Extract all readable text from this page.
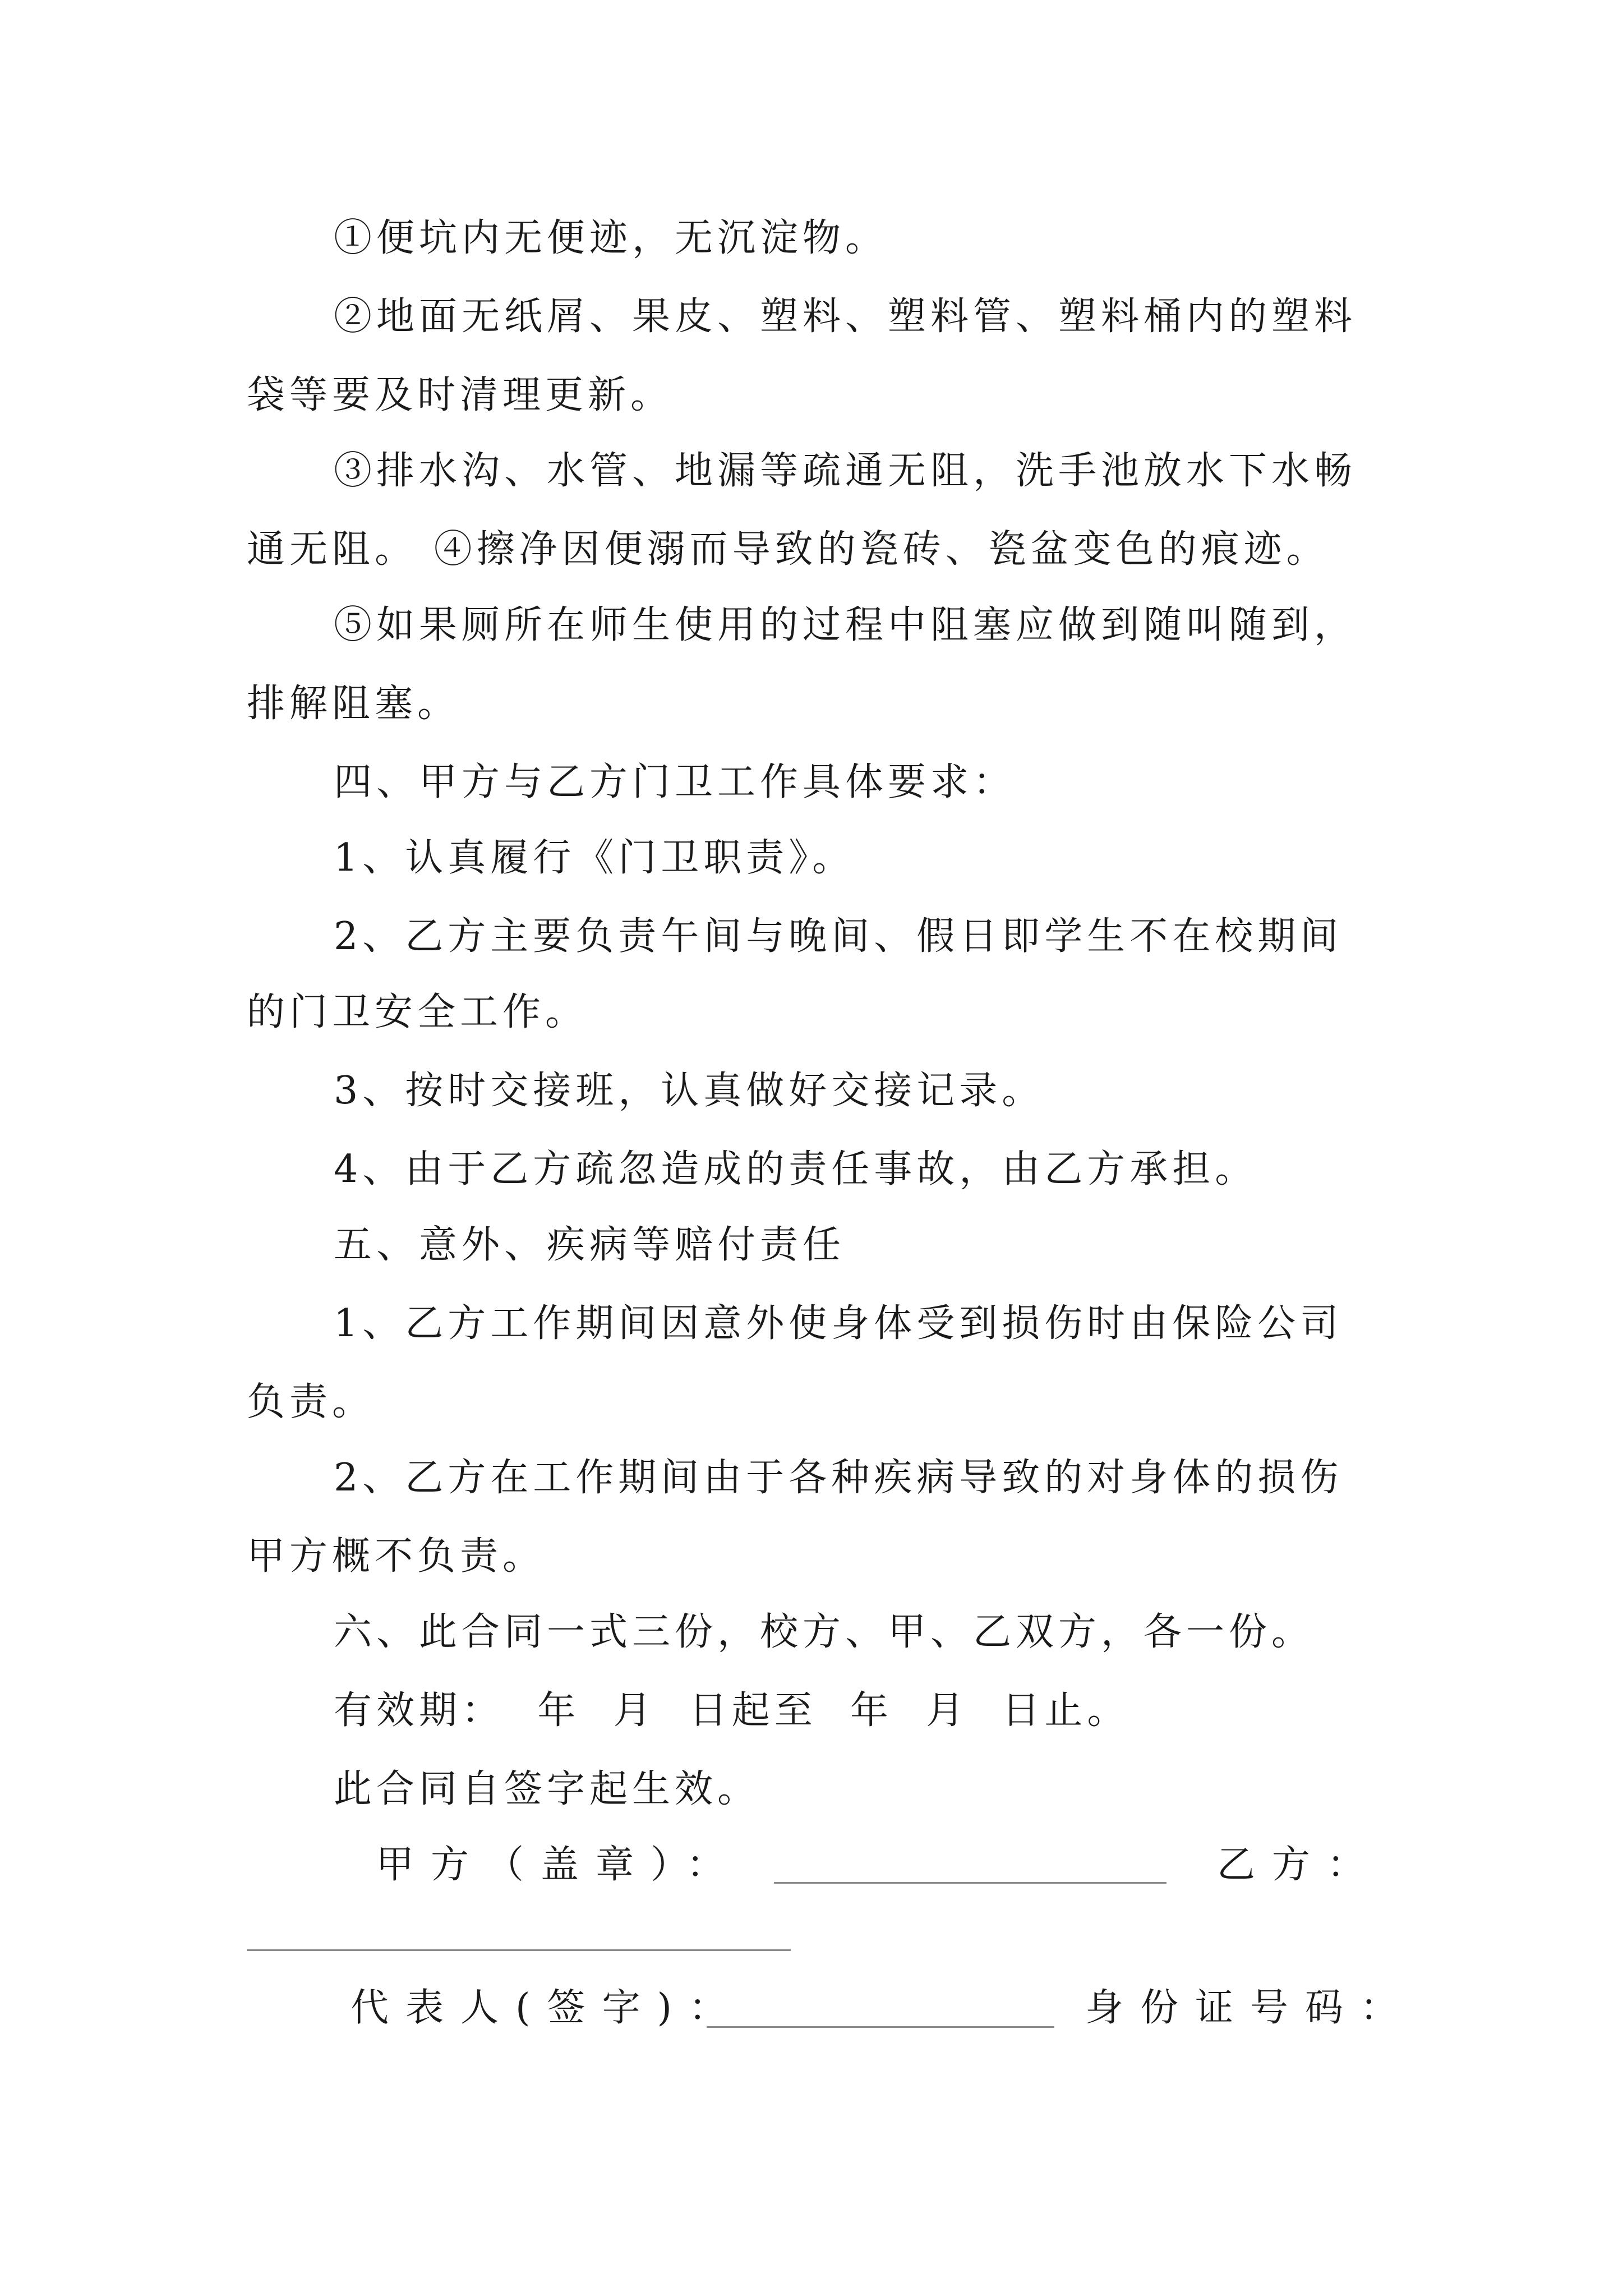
①便坑内无便迹，无沉淀物。
②地面无纸屑、果皮、塑料、塑料管、塑料桶内的塑料
袋等要及时清理更新。
③排水沟、水管、地漏等疏通无阻，洗手池放水下水畅
通无阻。 ④擦净因便溺而导致的瓷砖、瓷盆变色的痕迹。
⑤如果厕所在师生使用的过程中阻塞应做到随叫随到，
排解阻塞。
四、甲方与乙方门卫工作具体要求：
1、认真履行《门卫职责》。
2、乙方主要负责午间与晚间、假日即学生不在校期间
的门卫安全工作。
3、按时交接班，认真做好交接记录。
4、由于乙方疏忽造成的责任事故，由乙方承担。
五、意外、疾病等赔付责任
1、乙方工作期间因意外使身体受到损伤时由保险公司
负责。
2、乙方在工作期间由于各种疾病导致的对身体的损伤
甲方概不负责。
六、此合同一式三份，校方、甲、乙双方，各一份。
有效期：  年  月  日起至  年  月  日止。
此合同自签字起生效。
甲方（盖章）：	乙方：
代表人(签字)：	身份证号码：
